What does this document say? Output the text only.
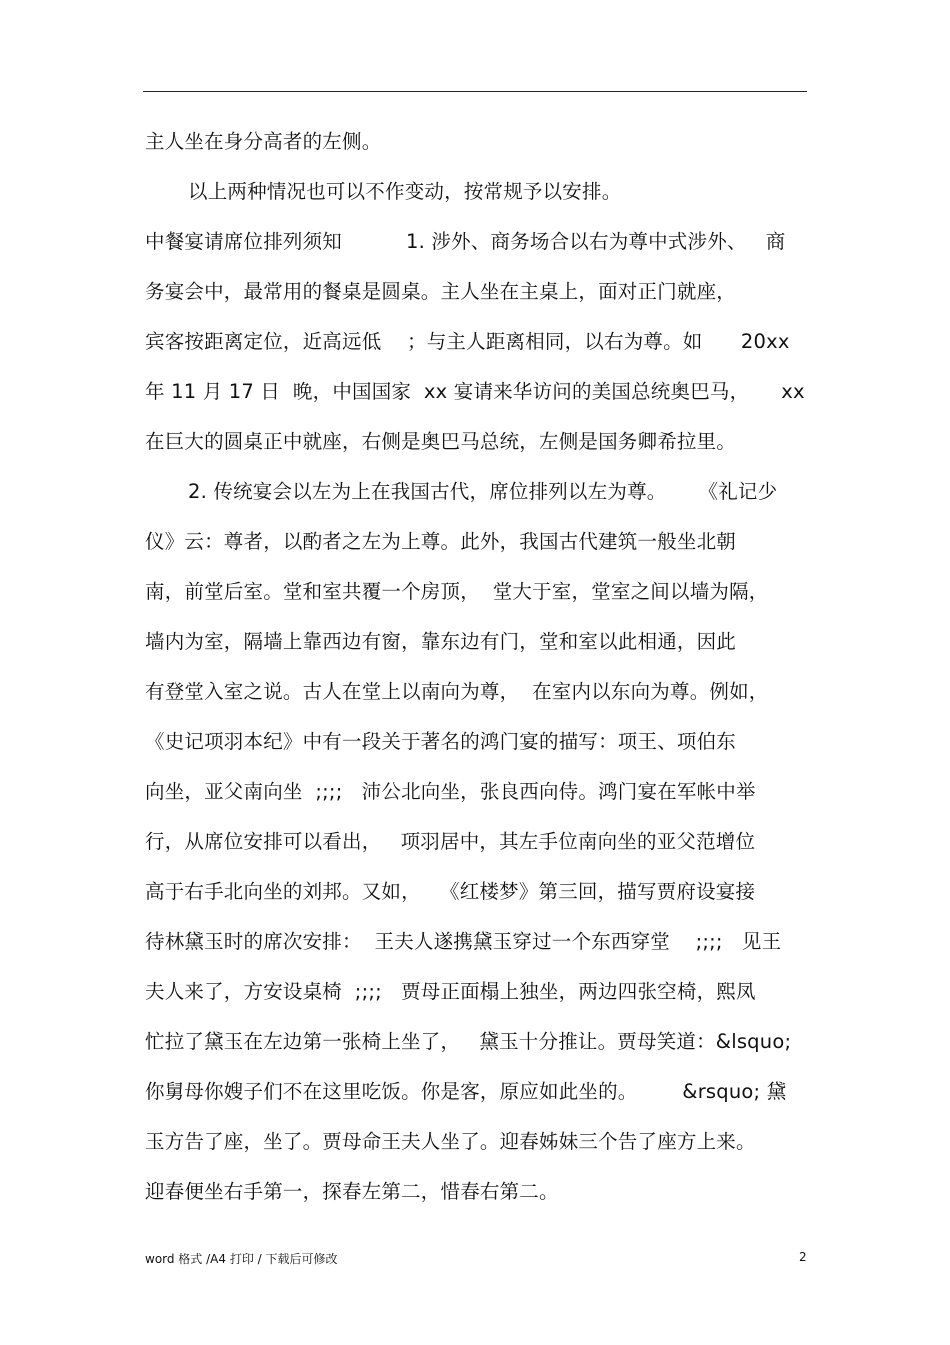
主人坐在身分高者的左侧。
以上两种情况也可以不作变动，按常规予以安排。
中餐宴请席位排列须知          1. 涉外、商务场合以右为尊中式涉外、   商
务宴会中，最常用的餐桌是圆桌。主人坐在主桌上，面对正门就座，
宾客按距离定位，近高远低    ；与主人距离相同，以右为尊。如      20xx
年 11 月 17 日  晚，中国国家  xx 宴请来华访问的美国总统奥巴马，     xx
在巨大的圆桌正中就座，右侧是奥巴马总统，左侧是国务卿希拉里。
2. 传统宴会以左为上在我国古代，席位排列以左为尊。     《礼记少
仪》云：尊者，以酌者之左为上尊。此外，我国古代建筑一般坐北朝
南，前堂后室。堂和室共覆一个房顶，  堂大于室，堂室之间以墙为隔，
墙内为室，隔墙上靠西边有窗，靠东边有门，堂和室以此相通，因此
有登堂入室之说。古人在堂上以南向为尊，  在室内以东向为尊。例如，
《史记项羽本纪》中有一段关于著名的鸿门宴的描写：项王、项伯东
向坐，亚父南向坐  ;;;;   沛公北向坐，张良西向侍。鸿门宴在军帐中举
行，从席位安排可以看出，   项羽居中，其左手位南向坐的亚父范增位
高于右手北向坐的刘邦。又如，   《红楼梦》第三回，描写贾府设宴接
待林黛玉时的席次安排：  王夫人遂携黛玉穿过一个东西穿堂    ;;;;   见王
夫人来了，方安设桌椅  ;;;;   贾母正面榻上独坐，两边四张空椅，熙凤
忙拉了黛玉在左边第一张椅上坐了，   黛玉十分推让。贾母笑道：&lsquo;
你舅母你嫂子们不在这里吃饭。你是客，原应如此坐的。       &rsquo; 黛
玉方告了座，坐了。贾母命王夫人坐了。迎春姊妹三个告了座方上来。
迎春便坐右手第一，探春左第二，惜春右第二。
word 格式 /A4 打印 / 下载后可修改	2
